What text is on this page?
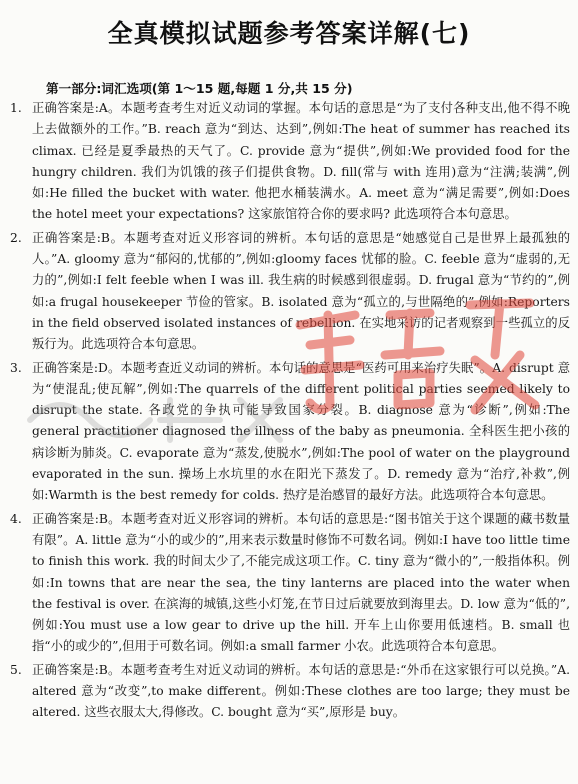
全真模拟试题参考答案详解(七)
第一部分:词汇选项(第 1～15 题,每题 1 分,共 15 分)
1. 正确答案是:A。本题考查考生对近义动词的掌握。本句话的意思是“为了支付各种支出,他不得不晚上去做额外的工作。”B. reach 意为“到达、达到”,例如:The heat of summer has reached its climax. 已经是夏季最热的天气了。C. provide 意为“提供”,例如:We provided food for the hungry children. 我们为饥饿的孩子们提供食物。D. fill(常与 with 连用)意为“注满;装满”,例如:He filled the bucket with water. 他把水桶装满水。A. meet 意为“满足需要”,例如:Does the hotel meet your expectations? 这家旅馆符合你的要求吗? 此选项符合本句意思。
2. 正确答案是:B。本题考查对近义形容词的辨析。本句话的意思是“她感觉自己是世界上最孤独的人。”A. gloomy 意为“郁闷的,忧郁的”,例如:gloomy faces 忧郁的脸。C. feeble 意为“虚弱的,无力的”,例如:I felt feeble when I was ill. 我生病的时候感到很虚弱。D. frugal 意为“节约的”,例如:a frugal housekeeper 节俭的管家。B. isolated 意为“孤立的,与世隔绝的”,例如:Reporters in the field observed isolated instances of rebellion. 在实地采访的记者观察到一些孤立的反叛行为。此选项符合本句意思。
3. 正确答案是:D。本题考查近义动词的辨析。本句话的意思是“医药可用来治疗失眠”。A. disrupt 意为“使混乱;使瓦解”,例如:The quarrels of the different political parties seemed likely to disrupt the state. 各政党的争执可能导致国家分裂。B. diagnose 意为“诊断”,例如:The general practitioner diagnosed the illness of the baby as pneumonia. 全科医生把小孩的病诊断为肺炎。C. evaporate 意为“蒸发,使脱水”,例如:The pool of water on the playground evaporated in the sun. 操场上水坑里的水在阳光下蒸发了。D. remedy 意为“治疗,补救”,例如:Warmth is the best remedy for colds. 热疗是治感冒的最好方法。此选项符合本句意思。
4. 正确答案是:B。本题考查对近义形容词的辨析。本句话的意思是:“图书馆关于这个课题的藏书数量有限”。A. little 意为“小的或少的”,用来表示数量时修饰不可数名词。例如:I have too little time to finish this work. 我的时间太少了,不能完成这项工作。C. tiny 意为“微小的”,一般指体积。例如:In towns that are near the sea, the tiny lanterns are placed into the water when the festival is over. 在滨海的城镇,这些小灯笼,在节日过后就要放到海里去。D. low 意为“低的”,例如:You must use a low gear to drive up the hill. 开车上山你要用低速档。B. small 也指“小的或少的”,但用于可数名词。例如:a small farmer 小农。此选项符合本句意思。
5. 正确答案是:B。本题考查考生对近义动词的辨析。本句话的意思是:“外币在这家银行可以兑换。”A. altered 意为“改变”,to make different。例如:These clothes are too large; they must be altered. 这些衣服太大,得修改。C. bought 意为“买”,原形是 buy。
